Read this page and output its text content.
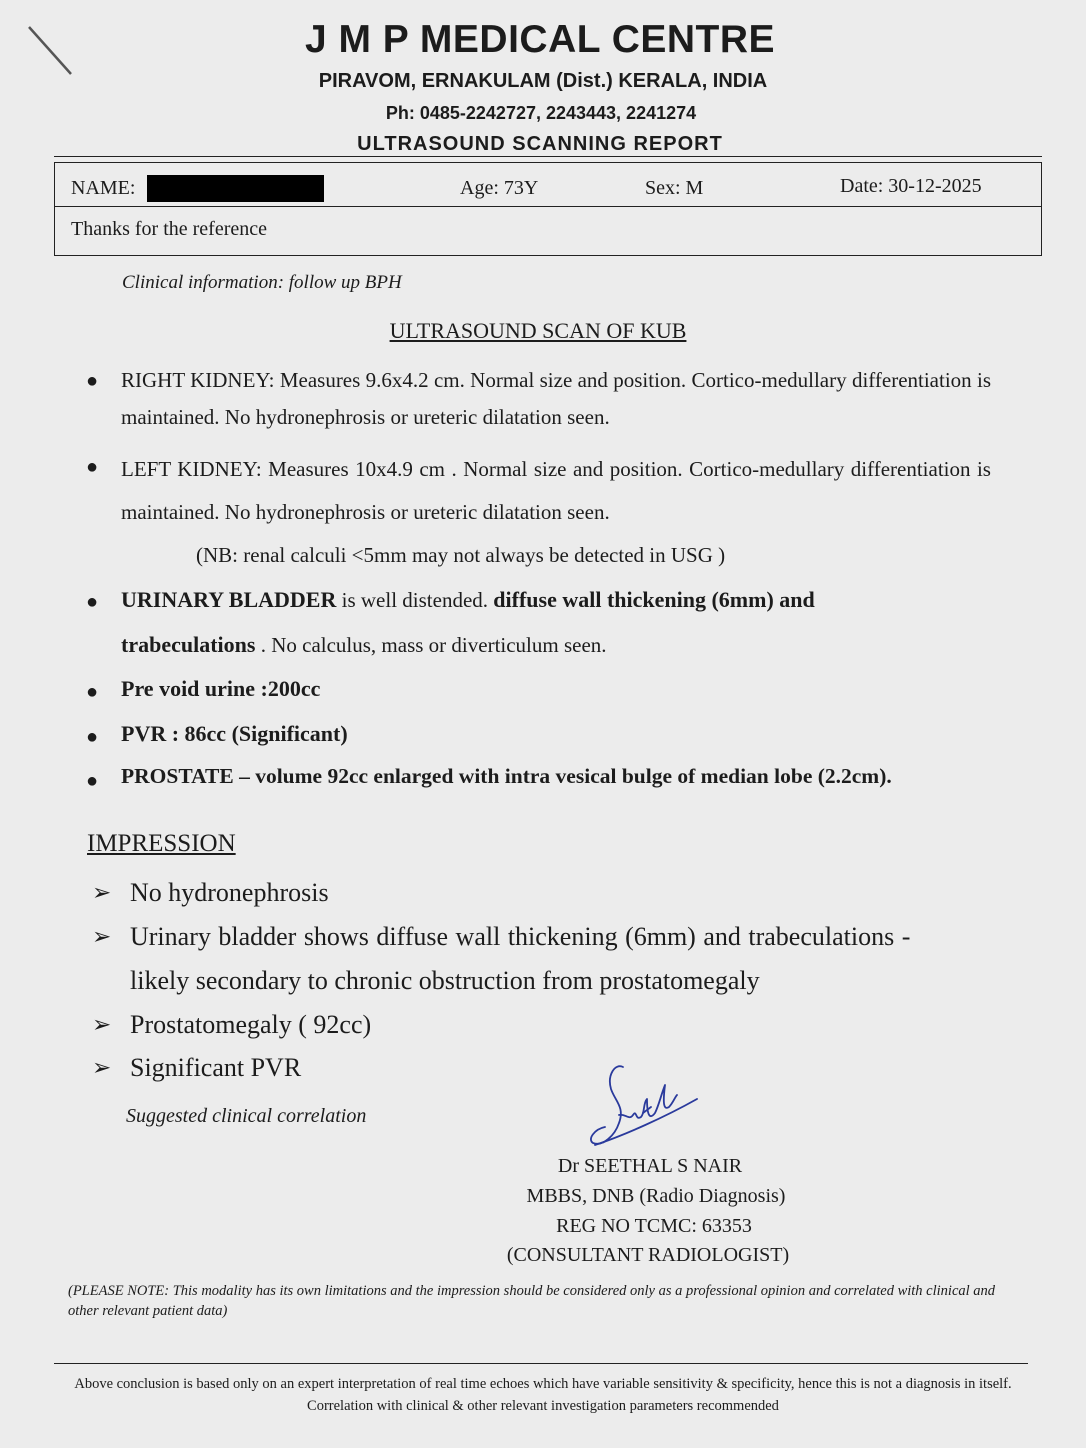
J M P MEDICAL CENTRE
PIRAVOM, ERNAKULAM (Dist.) KERALA, INDIA
Ph: 0485-2242727, 2243443, 2241274
ULTRASOUND SCANNING REPORT
NAME:	Age: 73Y	Sex: M	Date: 30-12-2025
Thanks for the reference
Clinical information: follow up BPH
ULTRASOUND SCAN OF KUB
● RIGHT KIDNEY: Measures 9.6x4.2 cm. Normal size and position. Cortico-medullary differentiation is maintained. No hydronephrosis or ureteric dilatation seen.
● LEFT KIDNEY: Measures 10x4.9 cm . Normal size and position. Cortico-medullary differentiation is maintained. No hydronephrosis or ureteric dilatation seen.
(NB: renal calculi <5mm may not always be detected in USG )
● URINARY BLADDER is well distended. diffuse wall thickening (6mm) and
trabeculations . No calculus, mass or diverticulum seen.
● Pre void urine :200cc
● PVR : 86cc (Significant)
● PROSTATE – volume 92cc enlarged with intra vesical bulge of median lobe (2.2cm).
IMPRESSION
➢ No hydronephrosis
➢ Urinary bladder shows diffuse wall thickening (6mm) and trabeculations -
likely secondary to chronic obstruction from prostatomegaly
➢ Prostatomegaly ( 92cc)
➢ Significant PVR
Suggested clinical correlation
Dr SEETHAL S NAIR
MBBS, DNB (Radio Diagnosis)
REG NO TCMC: 63353
(CONSULTANT RADIOLOGIST)
(PLEASE NOTE: This modality has its own limitations and the impression should be considered only as a professional opinion and correlated with clinical and other relevant patient data)
Above conclusion is based only on an expert interpretation of real time echoes which have variable sensitivity & specificity, hence this is not a diagnosis in itself. Correlation with clinical & other relevant investigation parameters recommended
